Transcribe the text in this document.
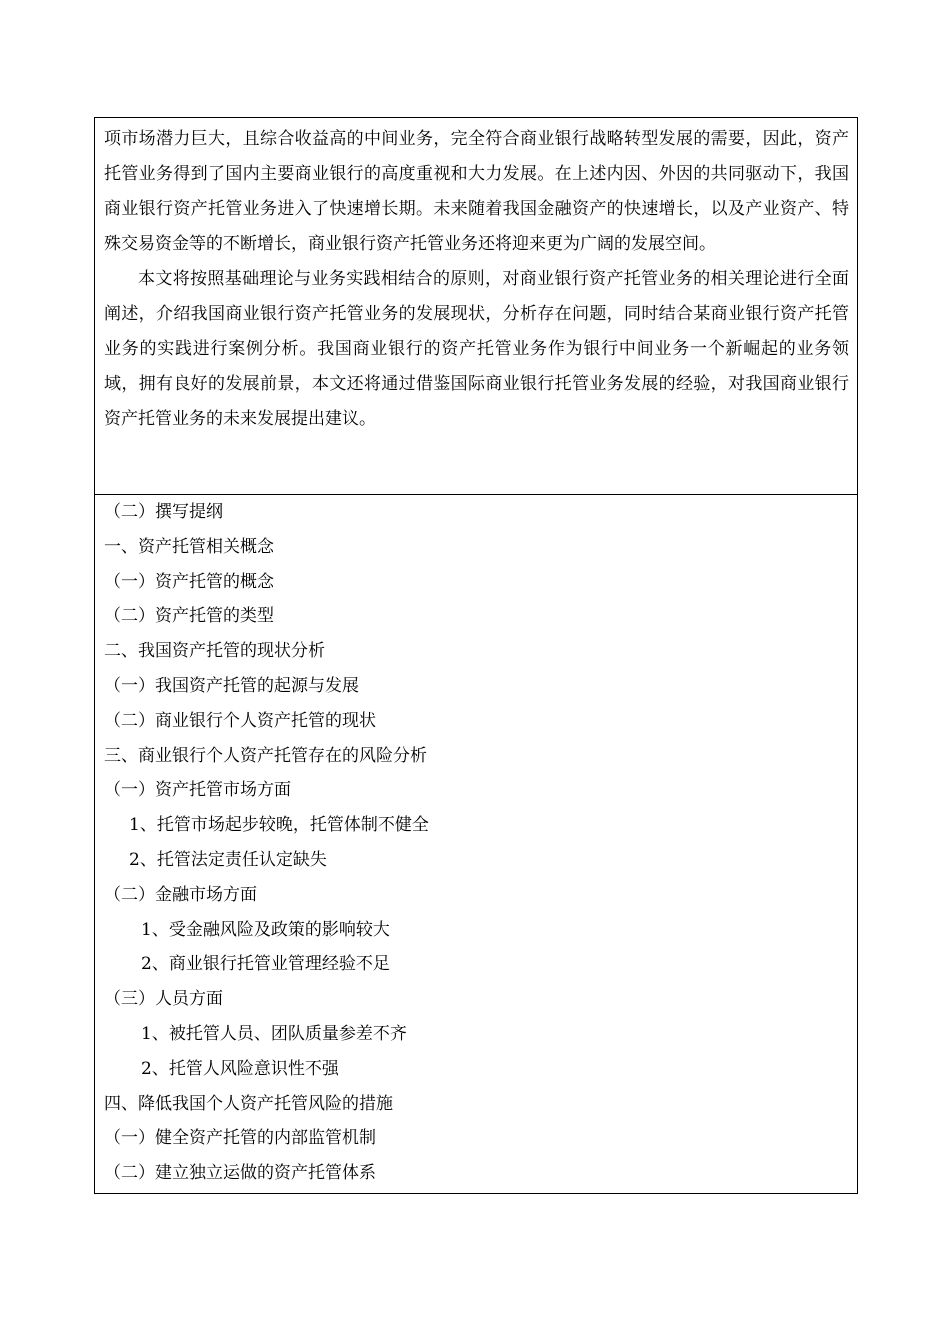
项市场潜力巨大，且综合收益高的中间业务，完全符合商业银行战略转型发展的需要，因此，资产托管业务得到了国内主要商业银行的高度重视和大力发展。在上述内因、外因的共同驱动下，我国商业银行资产托管业务进入了快速增长期。未来随着我国金融资产的快速增长，以及产业资产、特殊交易资金等的不断增长，商业银行资产托管业务还将迎来更为广阔的发展空间。

本文将按照基础理论与业务实践相结合的原则，对商业银行资产托管业务的相关理论进行全面阐述，介绍我国商业银行资产托管业务的发展现状，分析存在问题，同时结合某商业银行资产托管业务的实践进行案例分析。我国商业银行的资产托管业务作为银行中间业务一个新崛起的业务领域，拥有良好的发展前景，本文还将通过借鉴国际商业银行托管业务发展的经验，对我国商业银行资产托管业务的未来发展提出建议。

（二）撰写提纲
一、资产托管相关概念
（一）资产托管的概念
（二）资产托管的类型
二、我国资产托管的现状分析
（一）我国资产托管的起源与发展
（二）商业银行个人资产托管的现状
三、商业银行个人资产托管存在的风险分析
（一）资产托管市场方面
1、托管市场起步较晚，托管体制不健全
2、托管法定责任认定缺失
（二）金融市场方面
1、受金融风险及政策的影响较大
2、商业银行托管业管理经验不足
（三）人员方面
1、被托管人员、团队质量参差不齐
2、托管人风险意识性不强
四、降低我国个人资产托管风险的措施
（一）健全资产托管的内部监管机制
（二）建立独立运做的资产托管体系
